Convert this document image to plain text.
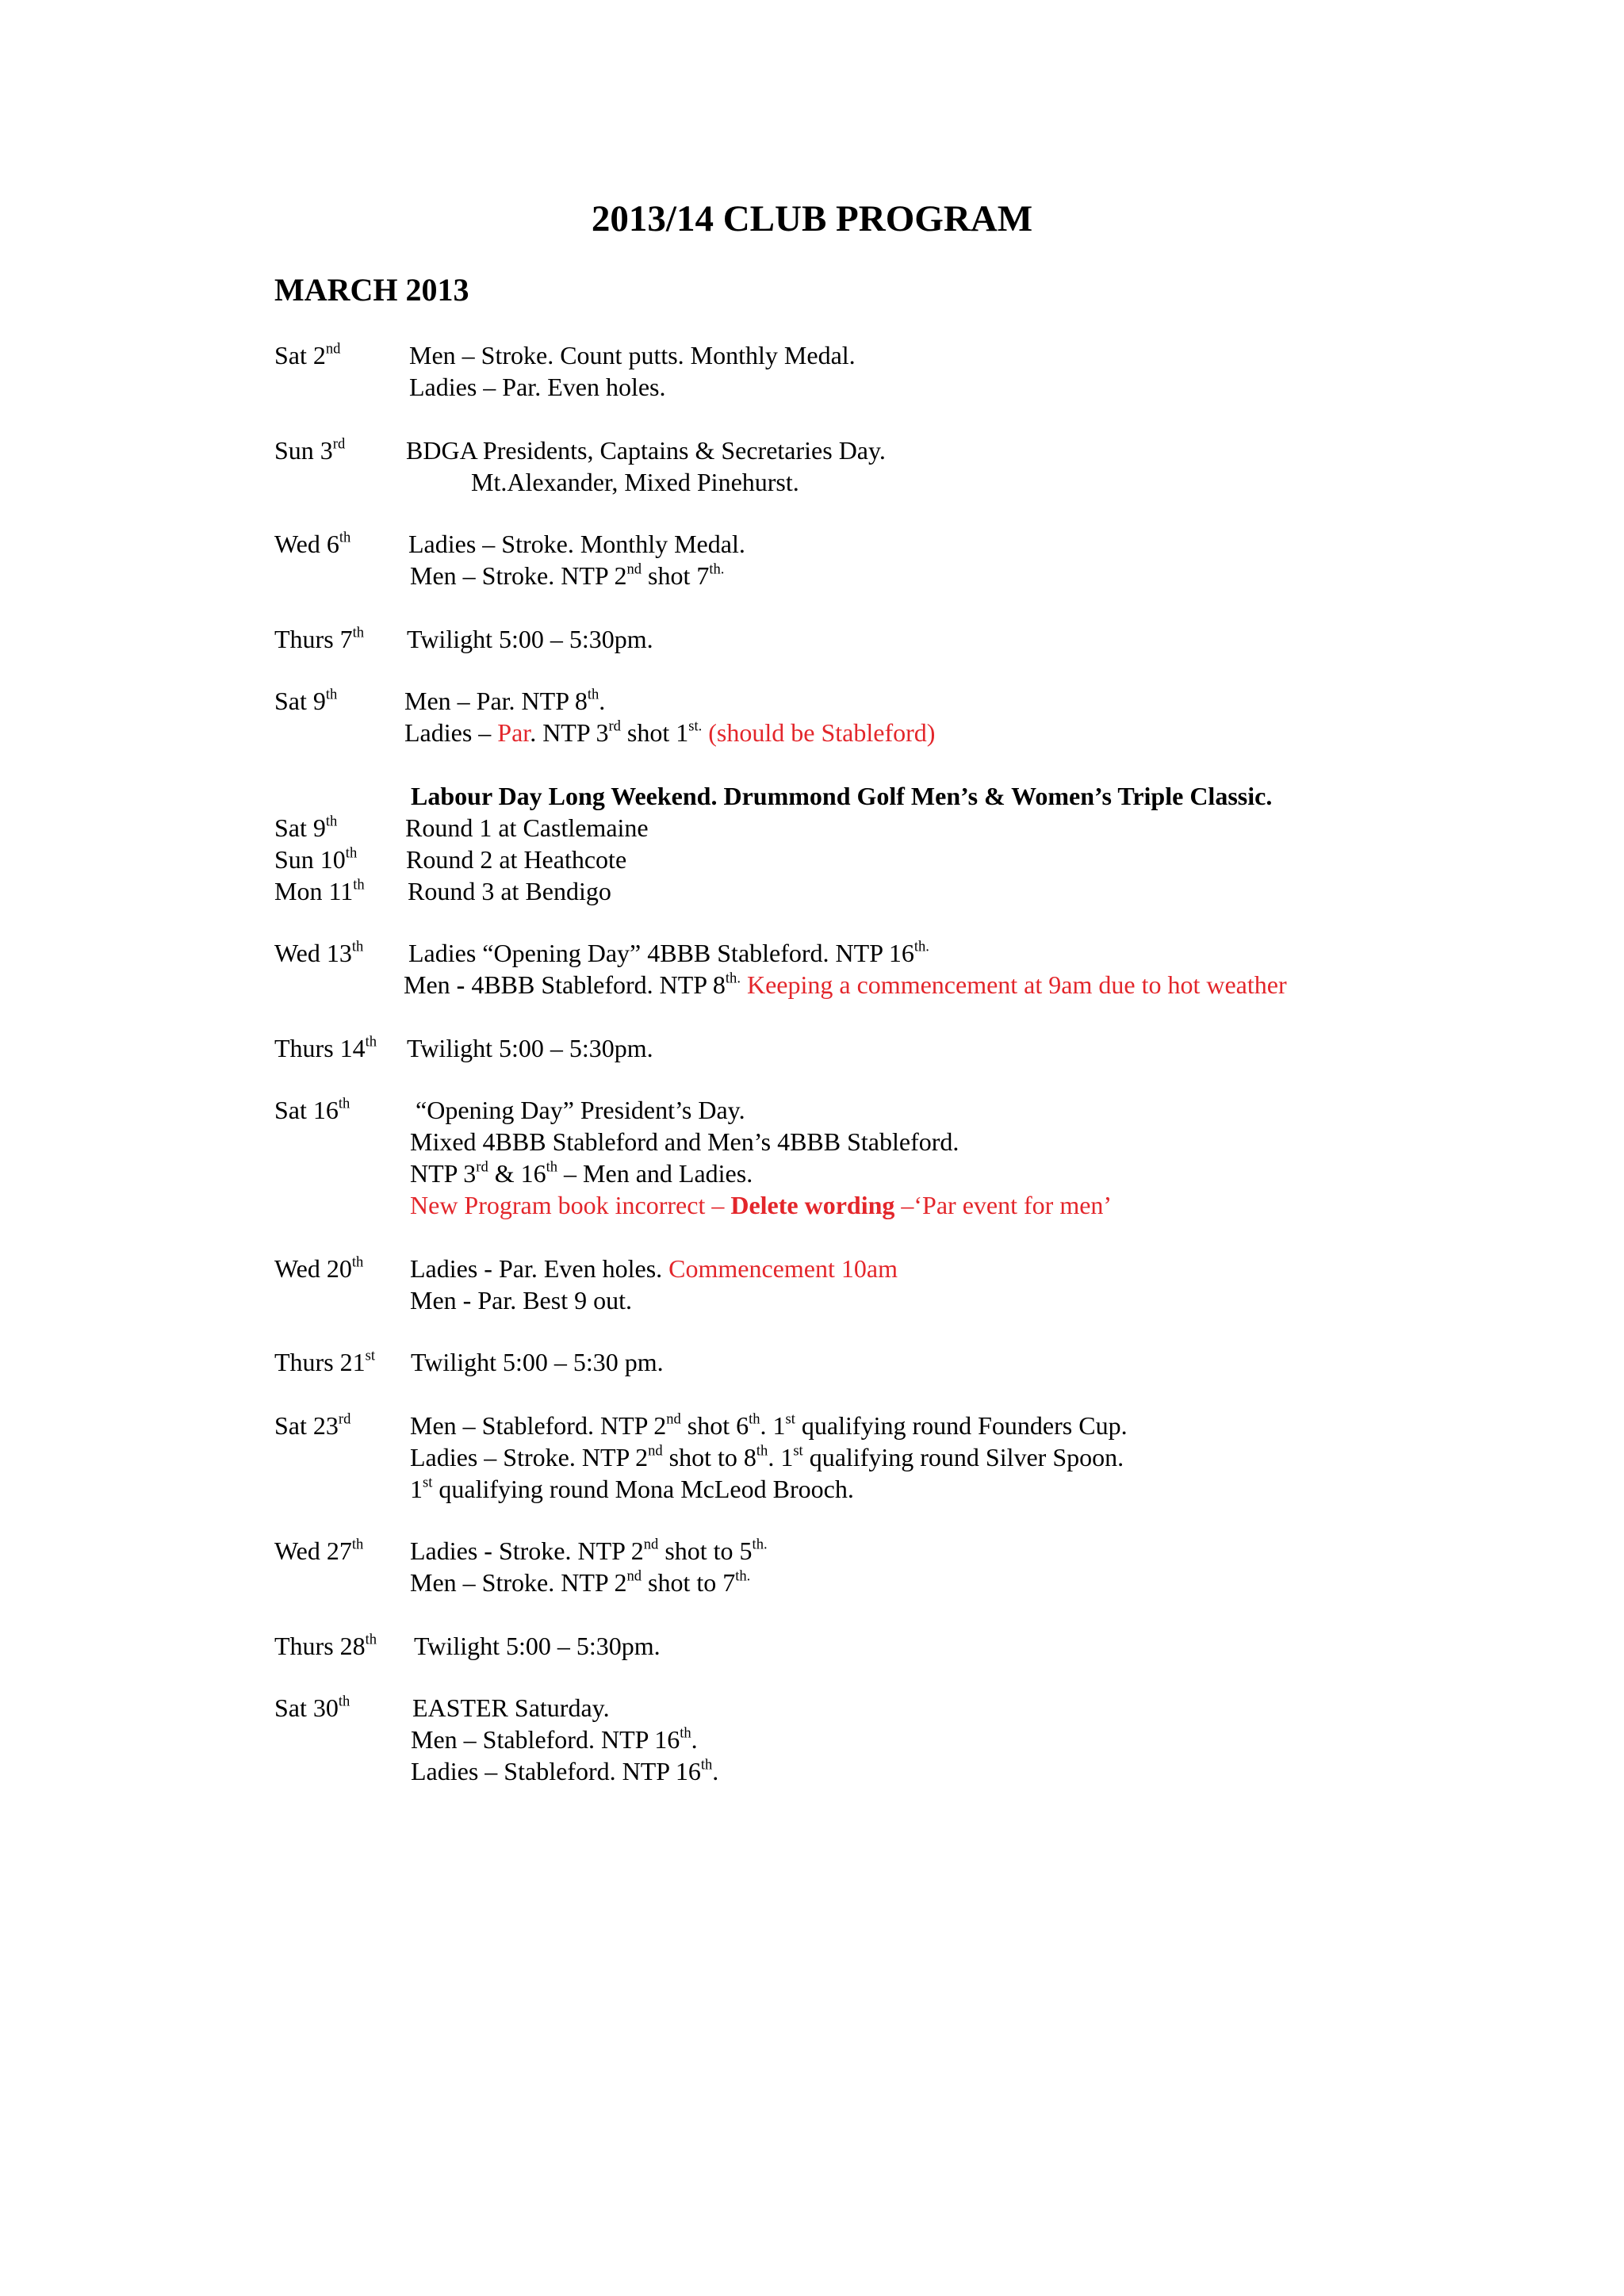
2013/14 CLUB PROGRAM
MARCH 2013
Sat 2nd	Men – Stroke. Count putts. Monthly Medal.
Ladies – Par. Even holes.
Sun 3rd BDGA Presidents, Captains & Secretaries Day.
Mt.Alexander, Mixed Pinehurst.
Wed 6th Ladies – Stroke. Monthly Medal.
Men – Stroke. NTP 2nd shot $7^{th.}$
Thurs 7th Twilight 5:00 – 5:30pm.
Sat 9th	Men – Par. NTP 8th.
Ladies – Par. NTP 3rd shot $1^{st.}$ (should be Stableford)
Labour Day Long Weekend. Drummond Golf Men’s & Women’s Triple Classic.
Sat 9th	Round 1 at Castlemaine
Sun 10th Round 2 at Heathcote
Mon 11th Round 3 at Bendigo
Wed 13th Ladies “Opening Day” 4BBB Stableford. NTP $16^{th.}$
Men - 4BBB Stableford. NTP $8^{th.}$ Keeping a commencement at 9am due to hot weather
Thurs 14th Twilight 5:00 – 5:30pm.
Sat 16th	“Opening Day” President’s Day.
Mixed 4BBB Stableford and Men’s 4BBB Stableford.
NTP 3rd & 16th – Men and Ladies.
New Program book incorrect – Delete wording –‘Par event for men’
Wed 20th Ladies - Par. Even holes. Commencement 10am
Men - Par. Best 9 out.
Thurs 21st Twilight 5:00 – 5:30 pm.
Sat 23rd Men – Stableford. NTP 2nd shot 6th. 1st qualifying round Founders Cup.
Ladies – Stroke. NTP 2nd shot to 8th. 1st qualifying round Silver Spoon.
1st qualifying round Mona McLeod Brooch.
Wed 27th Ladies - Stroke. NTP 2nd shot to $5^{th.}$
Men – Stroke. NTP 2nd shot to $7^{th.}$
Thurs 28th Twilight 5:00 – 5:30pm.
Sat 30th EASTER Saturday.
Men – Stableford. NTP 16th.
Ladies – Stableford. NTP 16th.
